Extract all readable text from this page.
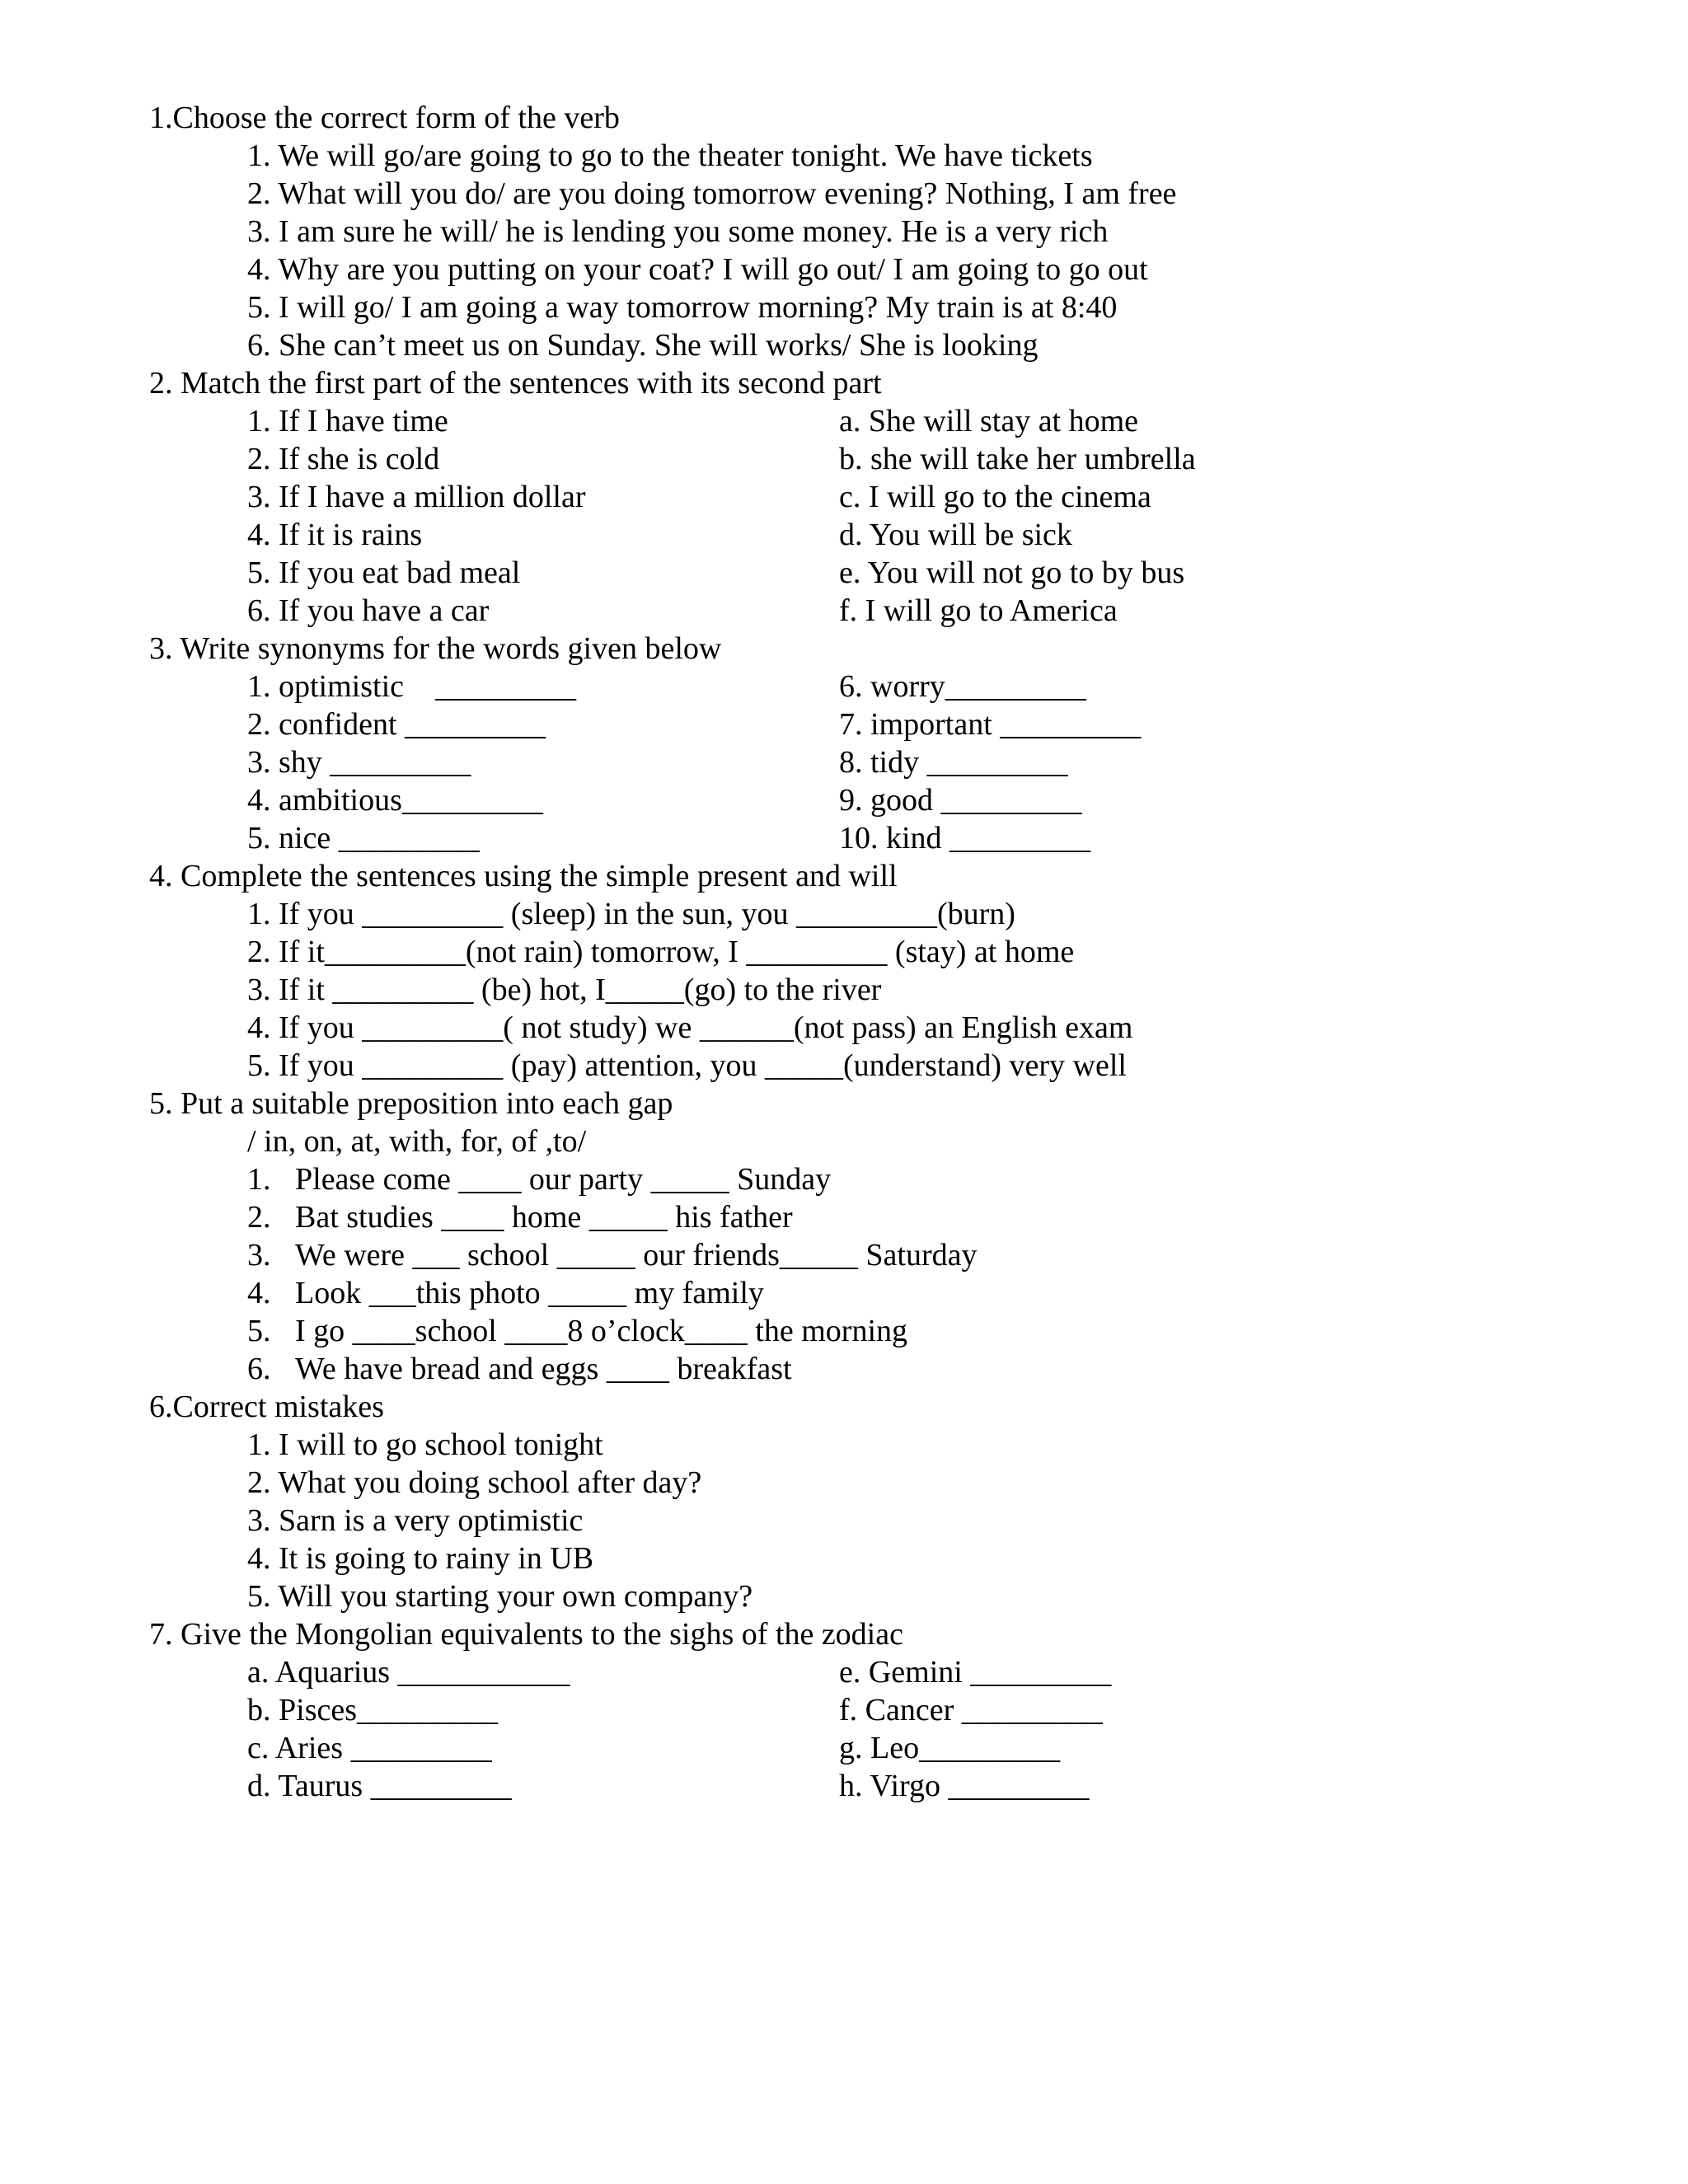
1.Choose the correct form of the verb
1. We will go/are going to go to the theater tonight. We have tickets
2. What will you do/ are you doing tomorrow evening? Nothing, I am free
3. I am sure he will/ he is lending you some money. He is a very rich
4. Why are you putting on your coat? I will go out/ I am going to go out
5. I will go/ I am going a way tomorrow morning? My train is at 8:40
6. She can’t meet us on Sunday. She will works/ She is looking
2. Match the first part of the sentences with its second part
1. If I have time	a. She will stay at home
2. If she is cold	b. she will take her umbrella
3. If I have a million dollar	c. I will go to the cinema
4. If it is rains	d. You will be sick
5. If you eat bad meal	e. You will not go to by bus
6. If you have a car	f. I will go to America
3. Write synonyms for the words given below
1. optimistic    _________	6. worry_________
2. confident _________	7. important _________
3. shy _________	8. tidy _________
4. ambitious_________	9. good _________
5. nice _________	10. kind _________
4. Complete the sentences using the simple present and will
1. If you _________ (sleep) in the sun, you _________(burn)
2. If it_________(not rain) tomorrow, I _________ (stay) at home
3. If it _________ (be) hot, I_____(go) to the river
4. If you _________( not study) we ______(not pass) an English exam
5. If you _________ (pay) attention, you _____(understand) very well
5. Put a suitable preposition into each gap
/ in, on, at, with, for, of ,to/
1. Please come ____ our party _____ Sunday
2. Bat studies ____ home _____ his father
3. We were ___ school _____ our friends_____ Saturday
4. Look ___this photo _____ my family
5. I go ____school ____8 o’clock____ the morning
6. We have bread and eggs ____ breakfast
6.Correct mistakes
1. I will to go school tonight
2. What you doing school after day?
3. Sarn is a very optimistic
4. It is going to rainy in UB
5. Will you starting your own company?
7. Give the Mongolian equivalents to the sighs of the zodiac
a. Aquarius ___________	e. Gemini _________
b. Pisces_________	f. Cancer _________
c. Aries _________	g. Leo_________
d. Taurus _________	h. Virgo _________
